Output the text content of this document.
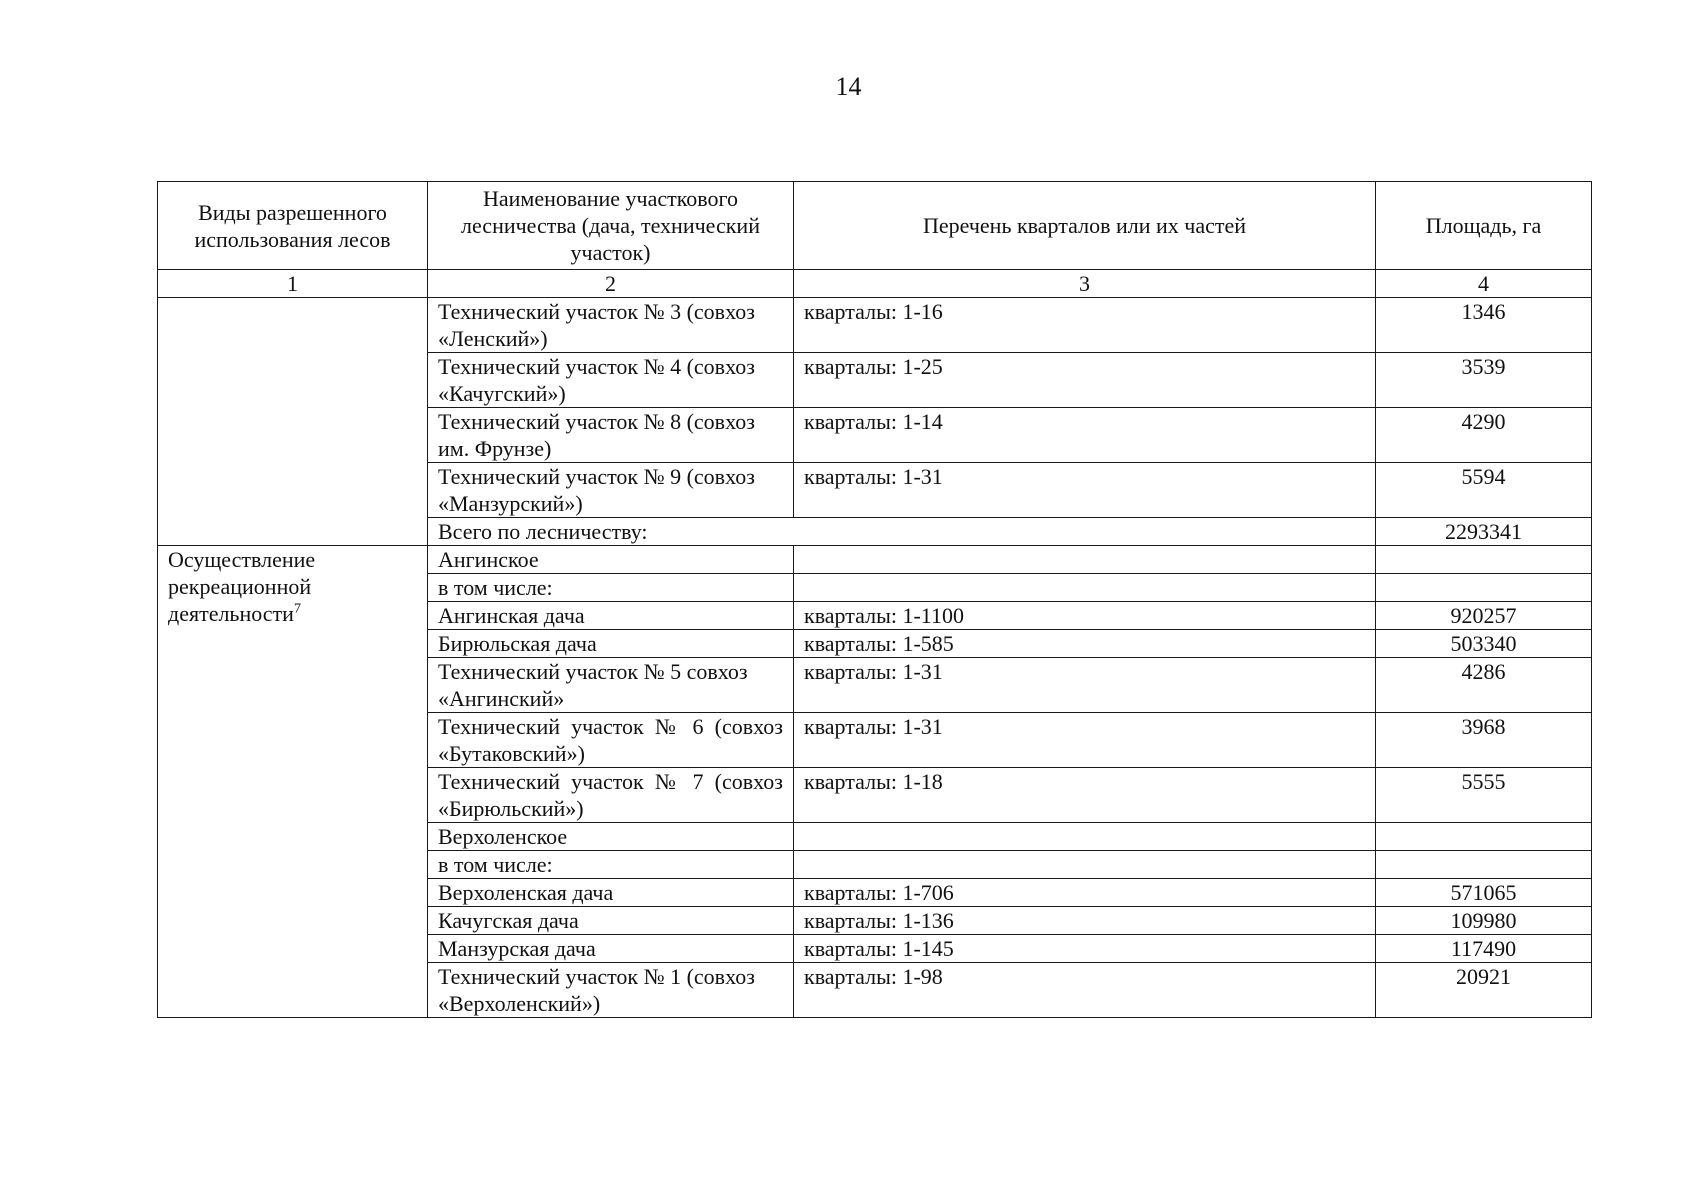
14
Виды разрешенного использования лесов	Наименование участкового лесничества (дача, технический участок)	Перечень кварталов или их частей	Площадь, га
1	2	3	4
	Технический участок № 3 (совхоз «Ленский»)	кварталы: 1-16	1346
	Технический участок № 4 (совхоз «Качугский»)	кварталы: 1-25	3539
	Технический участок № 8 (совхоз им. Фрунзе)	кварталы: 1-14	4290
	Технический участок № 9 (совхоз «Манзурский»)	кварталы: 1-31	5594
	Всего по лесничеству:		2293341
Осуществление рекреационной деятельности$^7$	Ангинское		
	в том числе:		
	Ангинская дача	кварталы: 1-1100	920257
	Бирюльская дача	кварталы: 1-585	503340
	Технический участок № 5 совхоз «Ангинский»	кварталы: 1-31	4286
	Технический участок № 6 (совхоз «Бутаковский»)	кварталы: 1-31	3968
	Технический участок № 7 (совхоз «Бирюльский»)	кварталы: 1-18	5555
	Верхоленское		
	в том числе:		
	Верхоленская дача	кварталы: 1-706	571065
	Качугская дача	кварталы: 1-136	109980
	Манзурская дача	кварталы: 1-145	117490
	Технический участок № 1 (совхоз «Верхоленский»)	кварталы: 1-98	20921
